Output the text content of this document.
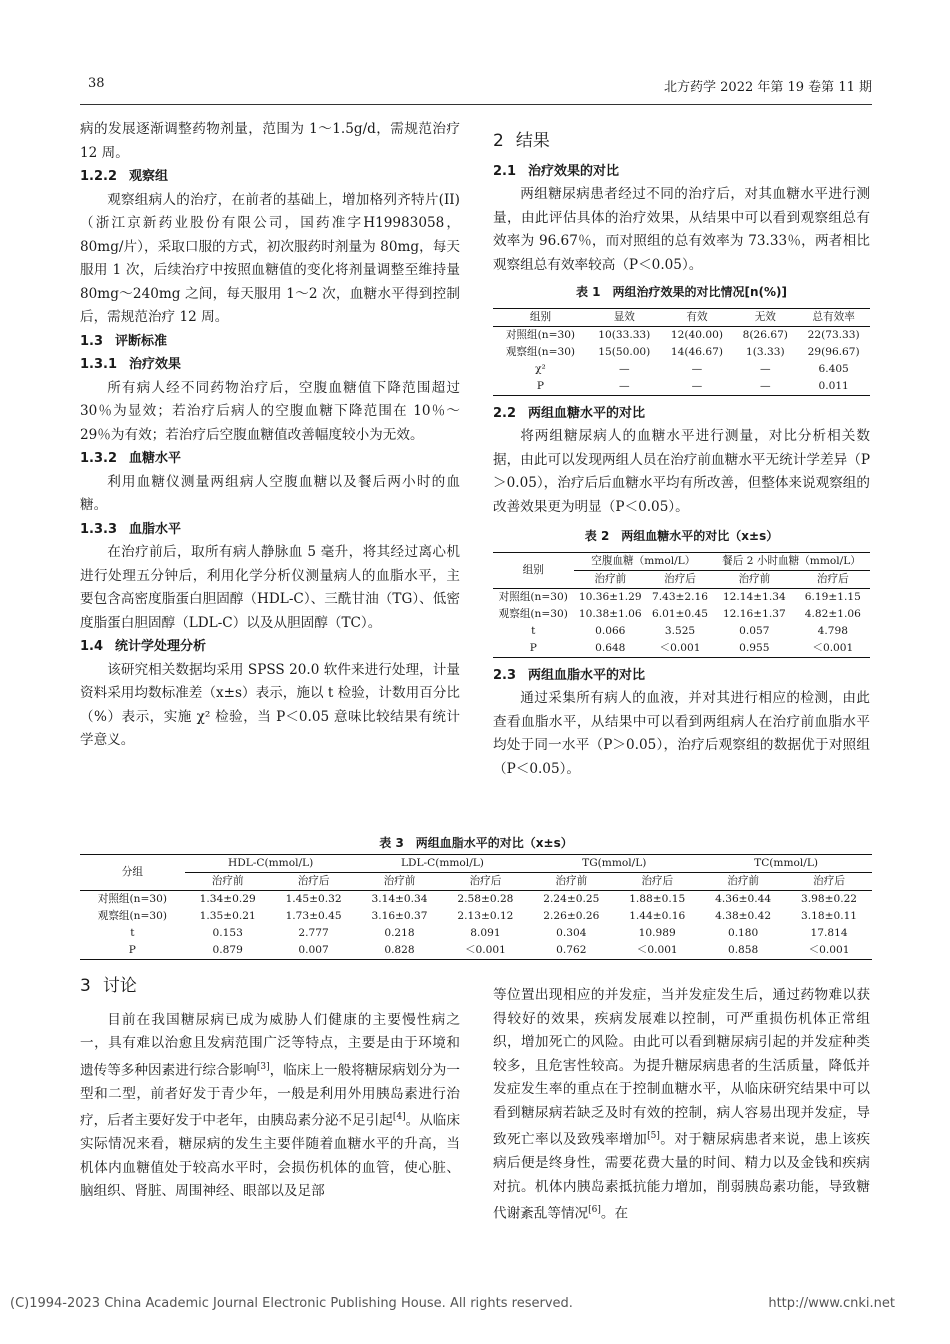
38	北方药学 2022 年第 19 卷第 11 期

病的发展逐渐调整药物剂量，范围为 1～1.5g/d，需规范治疗 12 周。

1.2.2 观察组

观察组病人的治疗，在前者的基础上，增加格列齐特片(II)（浙江京新药业股份有限公司，国药准字H19983058，80mg/片），采取口服的方式，初次服药时剂量为 80mg，每天服用 1 次，后续治疗中按照血糖值的变化将剂量调整至维持量 80mg～240mg 之间，每天服用 1～2 次，血糖水平得到控制后，需规范治疗 12 周。

1.3 评断标准

1.3.1 治疗效果

所有病人经不同药物治疗后，空腹血糖值下降范围超过 30％为显效；若治疗后病人的空腹血糖下降范围在 10％～29％为有效；若治疗后空腹血糖值改善幅度较小为无效。

1.3.2 血糖水平

利用血糖仪测量两组病人空腹血糖以及餐后两小时的血糖。

1.3.3 血脂水平

在治疗前后，取所有病人静脉血 5 毫升，将其经过离心机进行处理五分钟后，利用化学分析仪测量病人的血脂水平，主要包含高密度脂蛋白胆固醇（HDL-C）、三酰甘油（TG）、低密度脂蛋白胆固醇（LDL-C）以及从胆固醇（TC）。

1.4 统计学处理分析

该研究相关数据均采用 SPSS 20.0 软件来进行处理，计量资料采用均数标准差（x±s）表示，施以 t 检验，计数用百分比（%）表示，实施 χ² 检验，当 P＜0.05 意味比较结果有统计学意义。

2 结果

2.1 治疗效果的对比

两组糖尿病患者经过不同的治疗后，对其血糖水平进行测量，由此评估具体的治疗效果，从结果中可以看到观察组总有效率为 96.67％，而对照组的总有效率为 73.33％，两者相比观察组总有效率较高（P＜0.05）。

表 1　两组治疗效果的对比情况[n(%)]
组别	显效	有效	无效	总有效率
对照组(n=30)	10(33.33)	12(40.00)	8(26.67)	22(73.33)
观察组(n=30)	15(50.00)	14(46.67)	1(3.33)	29(96.67)
χ²	—	—	—	6.405
P	—	—	—	0.011

2.2 两组血糖水平的对比

将两组糖尿病人的血糖水平进行测量，对比分析相关数据，由此可以发现两组人员在治疗前血糖水平无统计学差异（P＞0.05），治疗后后血糖水平均有所改善，但整体来说观察组的改善效果更为明显（P＜0.05）。

表 2　两组血糖水平的对比（x±s）
组别	空腹血糖（mmol/L）		餐后 2 小时血糖（mmol/L）	
	治疗前	治疗后	治疗前	治疗后
对照组(n=30)	10.36±1.29	7.43±2.16	12.14±1.34	6.19±1.15
观察组(n=30)	10.38±1.06	6.01±0.45	12.16±1.37	4.82±1.06
t	0.066	3.525	0.057	4.798
P	0.648	＜0.001	0.955	＜0.001

2.3 两组血脂水平的对比

通过采集所有病人的血液，并对其进行相应的检测，由此查看血脂水平，从结果中可以看到两组病人在治疗前血脂水平均处于同一水平（P＞0.05），治疗后观察组的数据优于对照组（P＜0.05）。

表 3　两组血脂水平的对比（x±s）
分组	HDL-C(mmol/L)		LDL-C(mmol/L)		TG(mmol/L)		TC(mmol/L)	
	治疗前	治疗后	治疗前	治疗后	治疗前	治疗后	治疗前	治疗后
对照组(n=30)	1.34±0.29	1.45±0.32	3.14±0.34	2.58±0.28	2.24±0.25	1.88±0.15	4.36±0.44	3.98±0.22
观察组(n=30)	1.35±0.21	1.73±0.45	3.16±0.37	2.13±0.12	2.26±0.26	1.44±0.16	4.38±0.42	3.18±0.11
t	0.153	2.777	0.218	8.091	0.304	10.989	0.180	17.814
P	0.879	0.007	0.828	＜0.001	0.762	＜0.001	0.858	＜0.001

3 讨论

目前在我国糖尿病已成为威胁人们健康的主要慢性病之一，具有难以治愈且发病范围广泛等特点，主要是由于环境和遗传等多种因素进行综合影响[3]，临床上一般将糖尿病划分为一型和二型，前者好发于青少年，一般是利用外用胰岛素进行治疗，后者主要好发于中老年，由胰岛素分泌不足引起[4]。从临床实际情况来看，糖尿病的发生主要伴随着血糖水平的升高，当机体内血糖值处于较高水平时，会损伤机体的血管，使心脏、脑组织、肾脏、周围神经、眼部以及足部

等位置出现相应的并发症，当并发症发生后，通过药物难以获得较好的效果，疾病发展难以控制，可严重损伤机体正常组织，增加死亡的风险。由此可以看到糖尿病引起的并发症种类较多，且危害性较高。为提升糖尿病患者的生活质量，降低并发症发生率的重点在于控制血糖水平，从临床研究结果中可以看到糖尿病若缺乏及时有效的控制，病人容易出现并发症，导致死亡率以及致残率增加[5]。对于糖尿病患者来说，患上该疾病后便是终身性，需要花费大量的时间、精力以及金钱和疾病对抗。机体内胰岛素抵抗能力增加，削弱胰岛素功能，导致糖代谢紊乱等情况[6]。在

(C)1994-2023 China Academic Journal Electronic Publishing House. All rights reserved.	http://www.cnki.net
